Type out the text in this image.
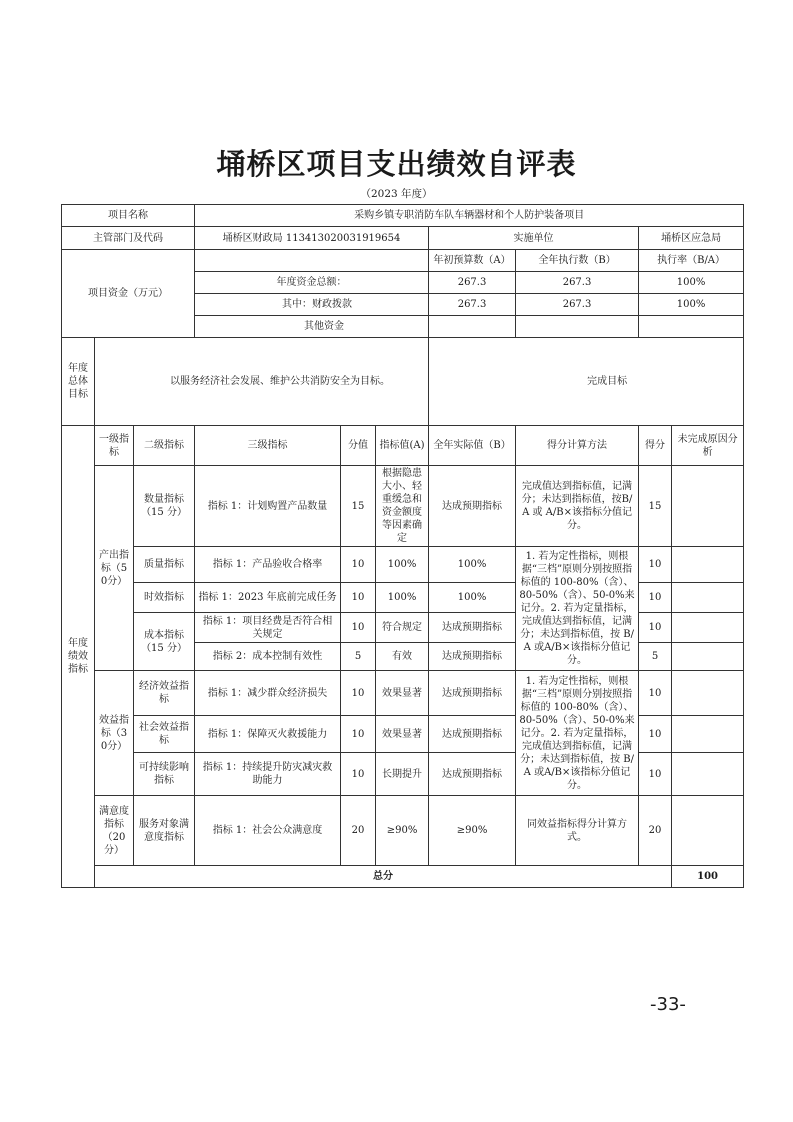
埇桥区项目支出绩效自评表
（2023 年度）
项目名称			采购乡镇专职消防车队车辆器材和个人防护装备项目							
主管部门及代码			埇桥区财政局 113413020031919654			实施单位		埇桥区应急局		
项目资金（万元）						年初预算数（A）	全年执行数（B）	执行率（B/A）		
			年度资金总额：			267.3	267.3	100%		
			其中：财政拨款			267.3	267.3	100%		
			其他资金							
年度总体目标	以服务经济社会发展、维护公共消防安全为目标。					完成目标				
年度绩效指标	一级指标	二级指标	三级指标	分值	指标值(A)	全年实际值（B）	得分计算方法	得分	未完成原因分析	
	产出指标（50分）	数量指标（15 分）	指标 1：计划购置产品数量	15	根据隐患大小、轻重缓急和资金额度等因素确定	达成预期指标	完成值达到指标值，记满分；未达到指标值，按B/A 或 A/B×该指标分值记分。	15		
		质量指标	指标 1：产品验收合格率	10	100%	100%	1. 若为定性指标，则根据“三档”原则分别按照指标值的 100-80%（含）、80-50%（含）、50-0%来记分。2. 若为定量指标，完成值达到指标值，记满分；未达到指标值，按 B/A 或A/B×该指标分值记分。	10		
		时效指标	指标 1：2023 年底前完成任务	10	100%	100%		10		
		成本指标（15 分）	指标 1：项目经费是否符合相关规定	10	符合规定	达成预期指标		10		
			指标 2：成本控制有效性	5	有效	达成预期指标		5		
	效益指标（30分）	经济效益指标	指标 1：减少群众经济损失	10	效果显著	达成预期指标	1. 若为定性指标，则根据“三档”原则分别按照指标值的 100-80%（含）、80-50%（含）、50-0%来记分。2. 若为定量指标，完成值达到指标值，记满分；未达到指标值，按 B/A 或A/B×该指标分值记分。	10		
		社会效益指标	指标 1：保障灭火救援能力	10	效果显著	达成预期指标		10		
		可持续影响指标	指标 1：持续提升防灾减灾救助能力	10	长期提升	达成预期指标		10		
	满意度指标（20分）	服务对象满意度指标	指标 1：社会公众满意度	20	≥90%	≥90%	同效益指标得分计算方式。	20		
	总分								100	
-33-
